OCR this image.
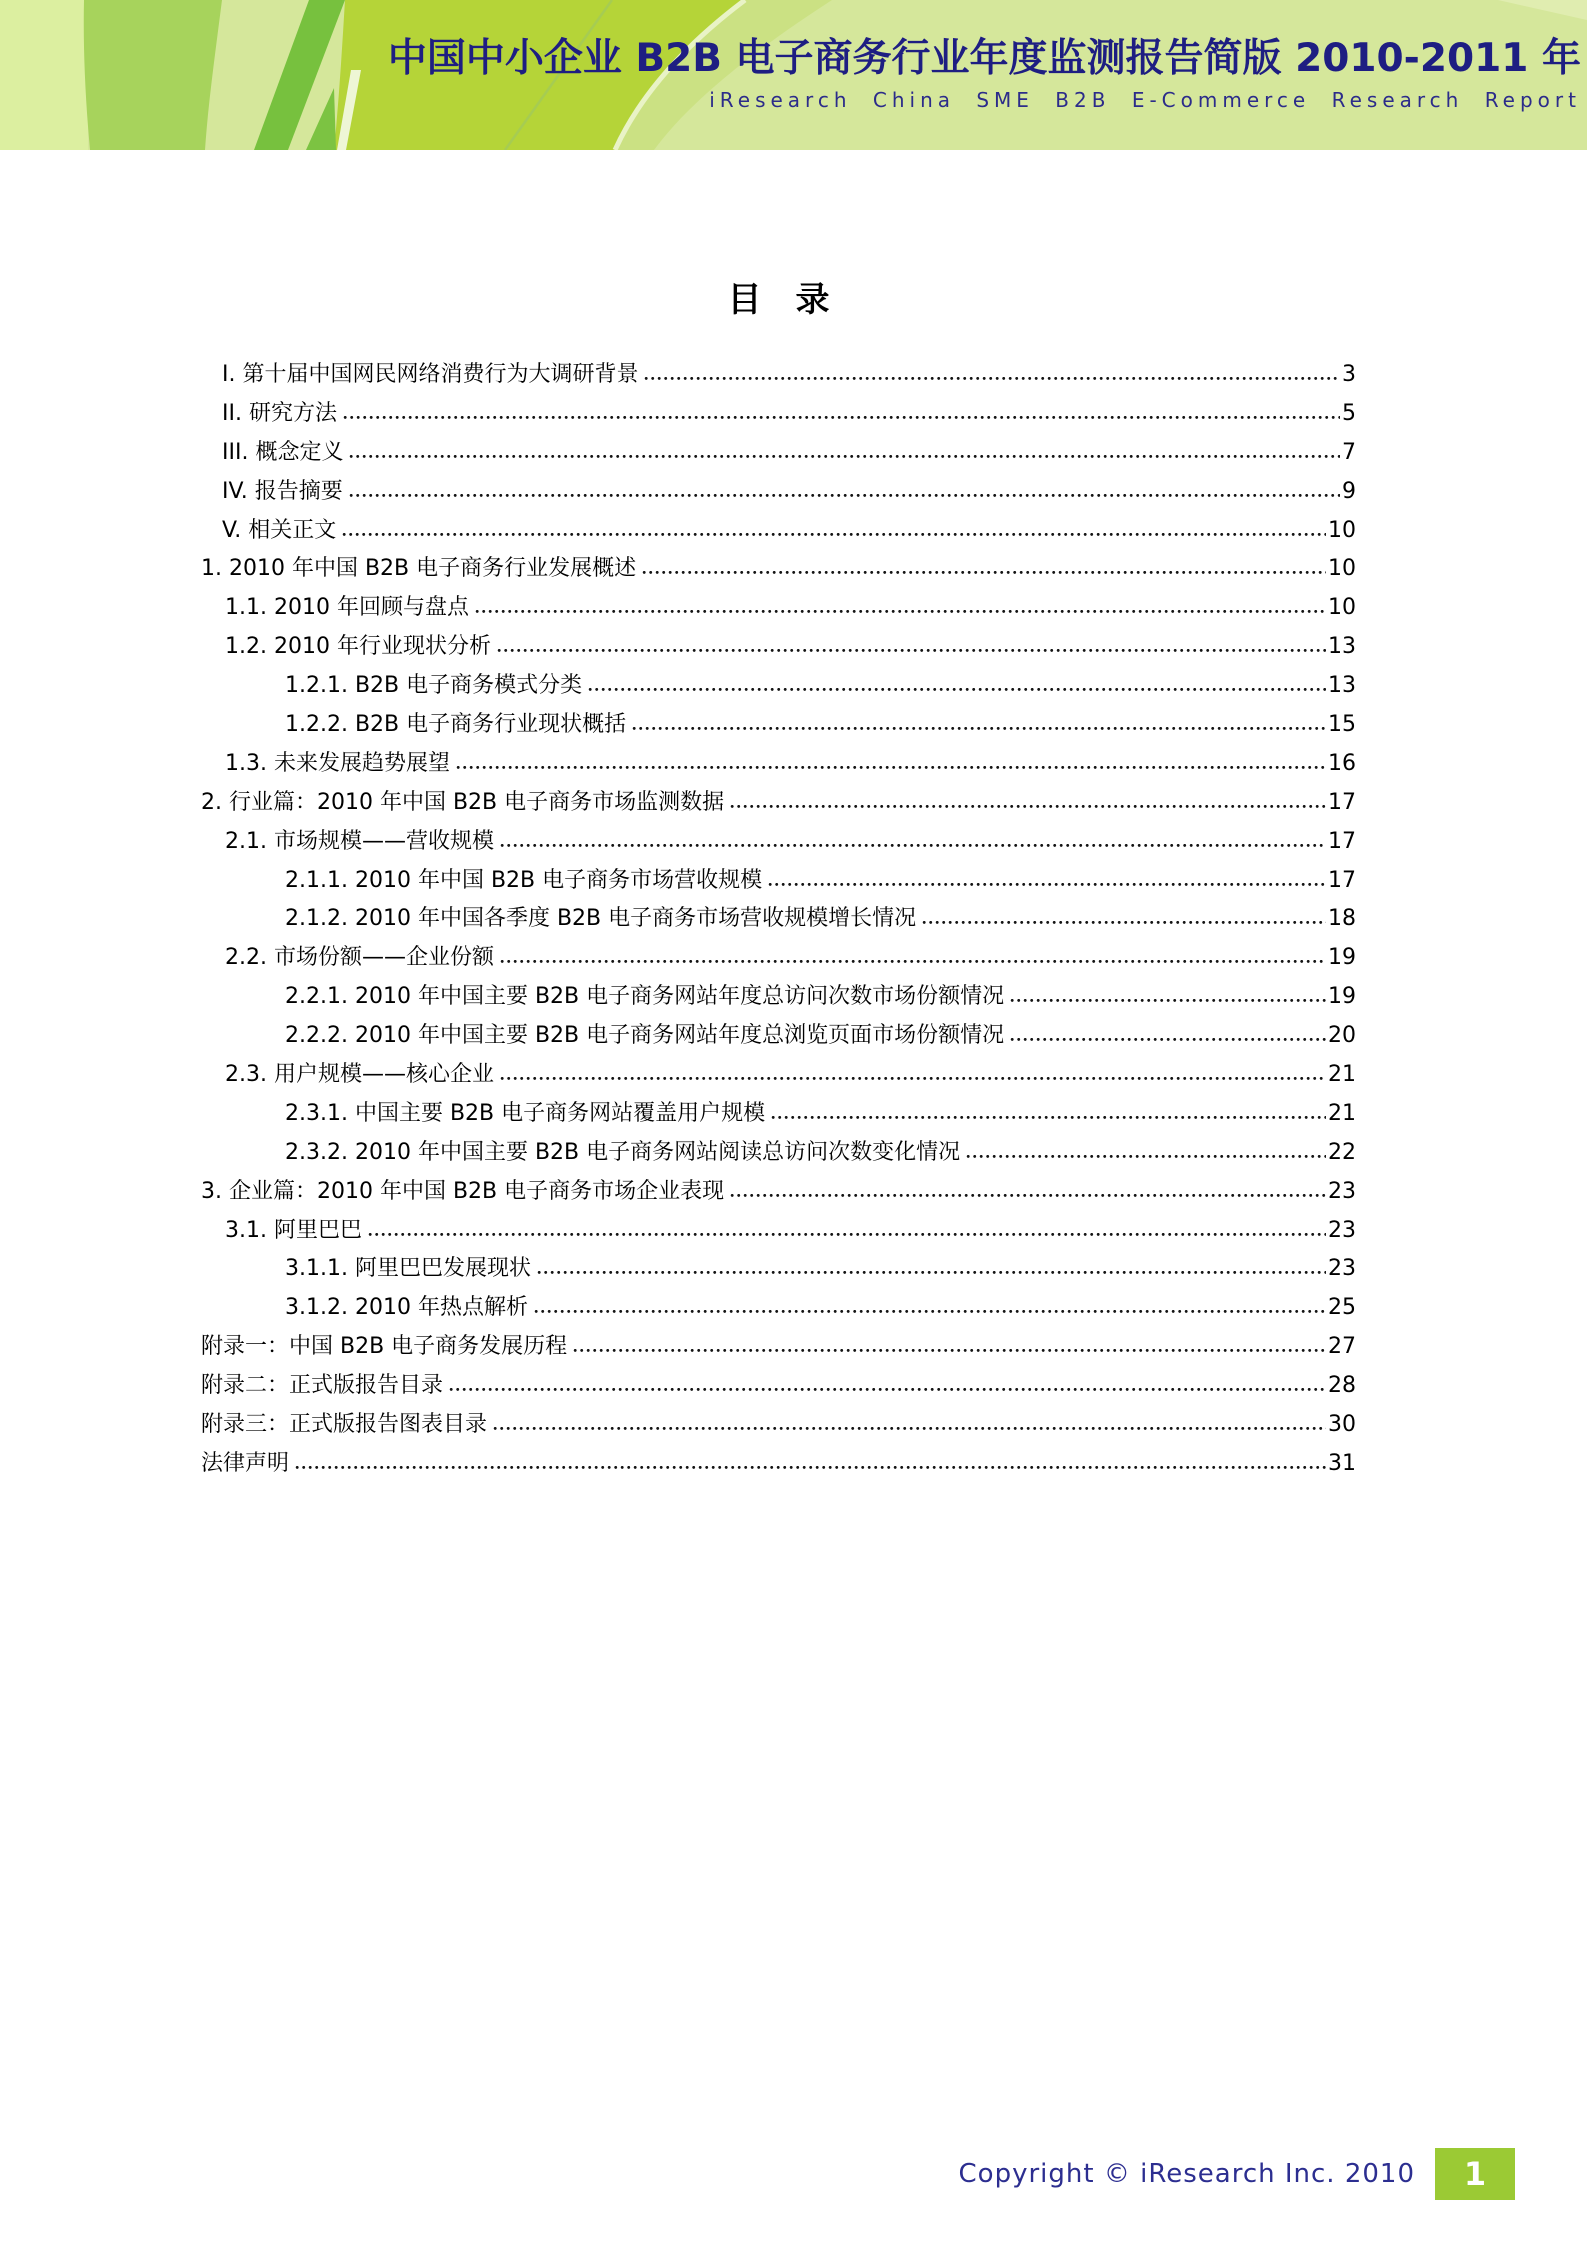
中国中小企业 B2B 电子商务行业年度监测报告简版 2010-2011 年
iResearch China SME B2B E-Commerce Research Report
目　录
I. 第十届中国网民网络消费行为大调研背景	3
II. 研究方法	5
III. 概念定义	7
IV. 报告摘要	9
V. 相关正文	10
1. 2010 年中国 B2B 电子商务行业发展概述	10
1.1. 2010 年回顾与盘点	10
1.2. 2010 年行业现状分析	13
1.2.1. B2B 电子商务模式分类	13
1.2.2. B2B 电子商务行业现状概括	15
1.3. 未来发展趋势展望	16
2. 行业篇：2010 年中国 B2B 电子商务市场监测数据	17
2.1. 市场规模——营收规模	17
2.1.1. 2010 年中国 B2B 电子商务市场营收规模	17
2.1.2. 2010 年中国各季度 B2B 电子商务市场营收规模增长情况	18
2.2. 市场份额——企业份额	19
2.2.1. 2010 年中国主要 B2B 电子商务网站年度总访问次数市场份额情况	19
2.2.2. 2010 年中国主要 B2B 电子商务网站年度总浏览页面市场份额情况	20
2.3. 用户规模——核心企业	21
2.3.1. 中国主要 B2B 电子商务网站覆盖用户规模	21
2.3.2. 2010 年中国主要 B2B 电子商务网站阅读总访问次数变化情况	22
3. 企业篇：2010 年中国 B2B 电子商务市场企业表现	23
3.1. 阿里巴巴	23
3.1.1. 阿里巴巴发展现状	23
3.1.2. 2010 年热点解析	25
附录一：中国 B2B 电子商务发展历程	27
附录二：正式版报告目录	28
附录三：正式版报告图表目录	30
法律声明	31
Copyright © iResearch Inc. 2010	1
